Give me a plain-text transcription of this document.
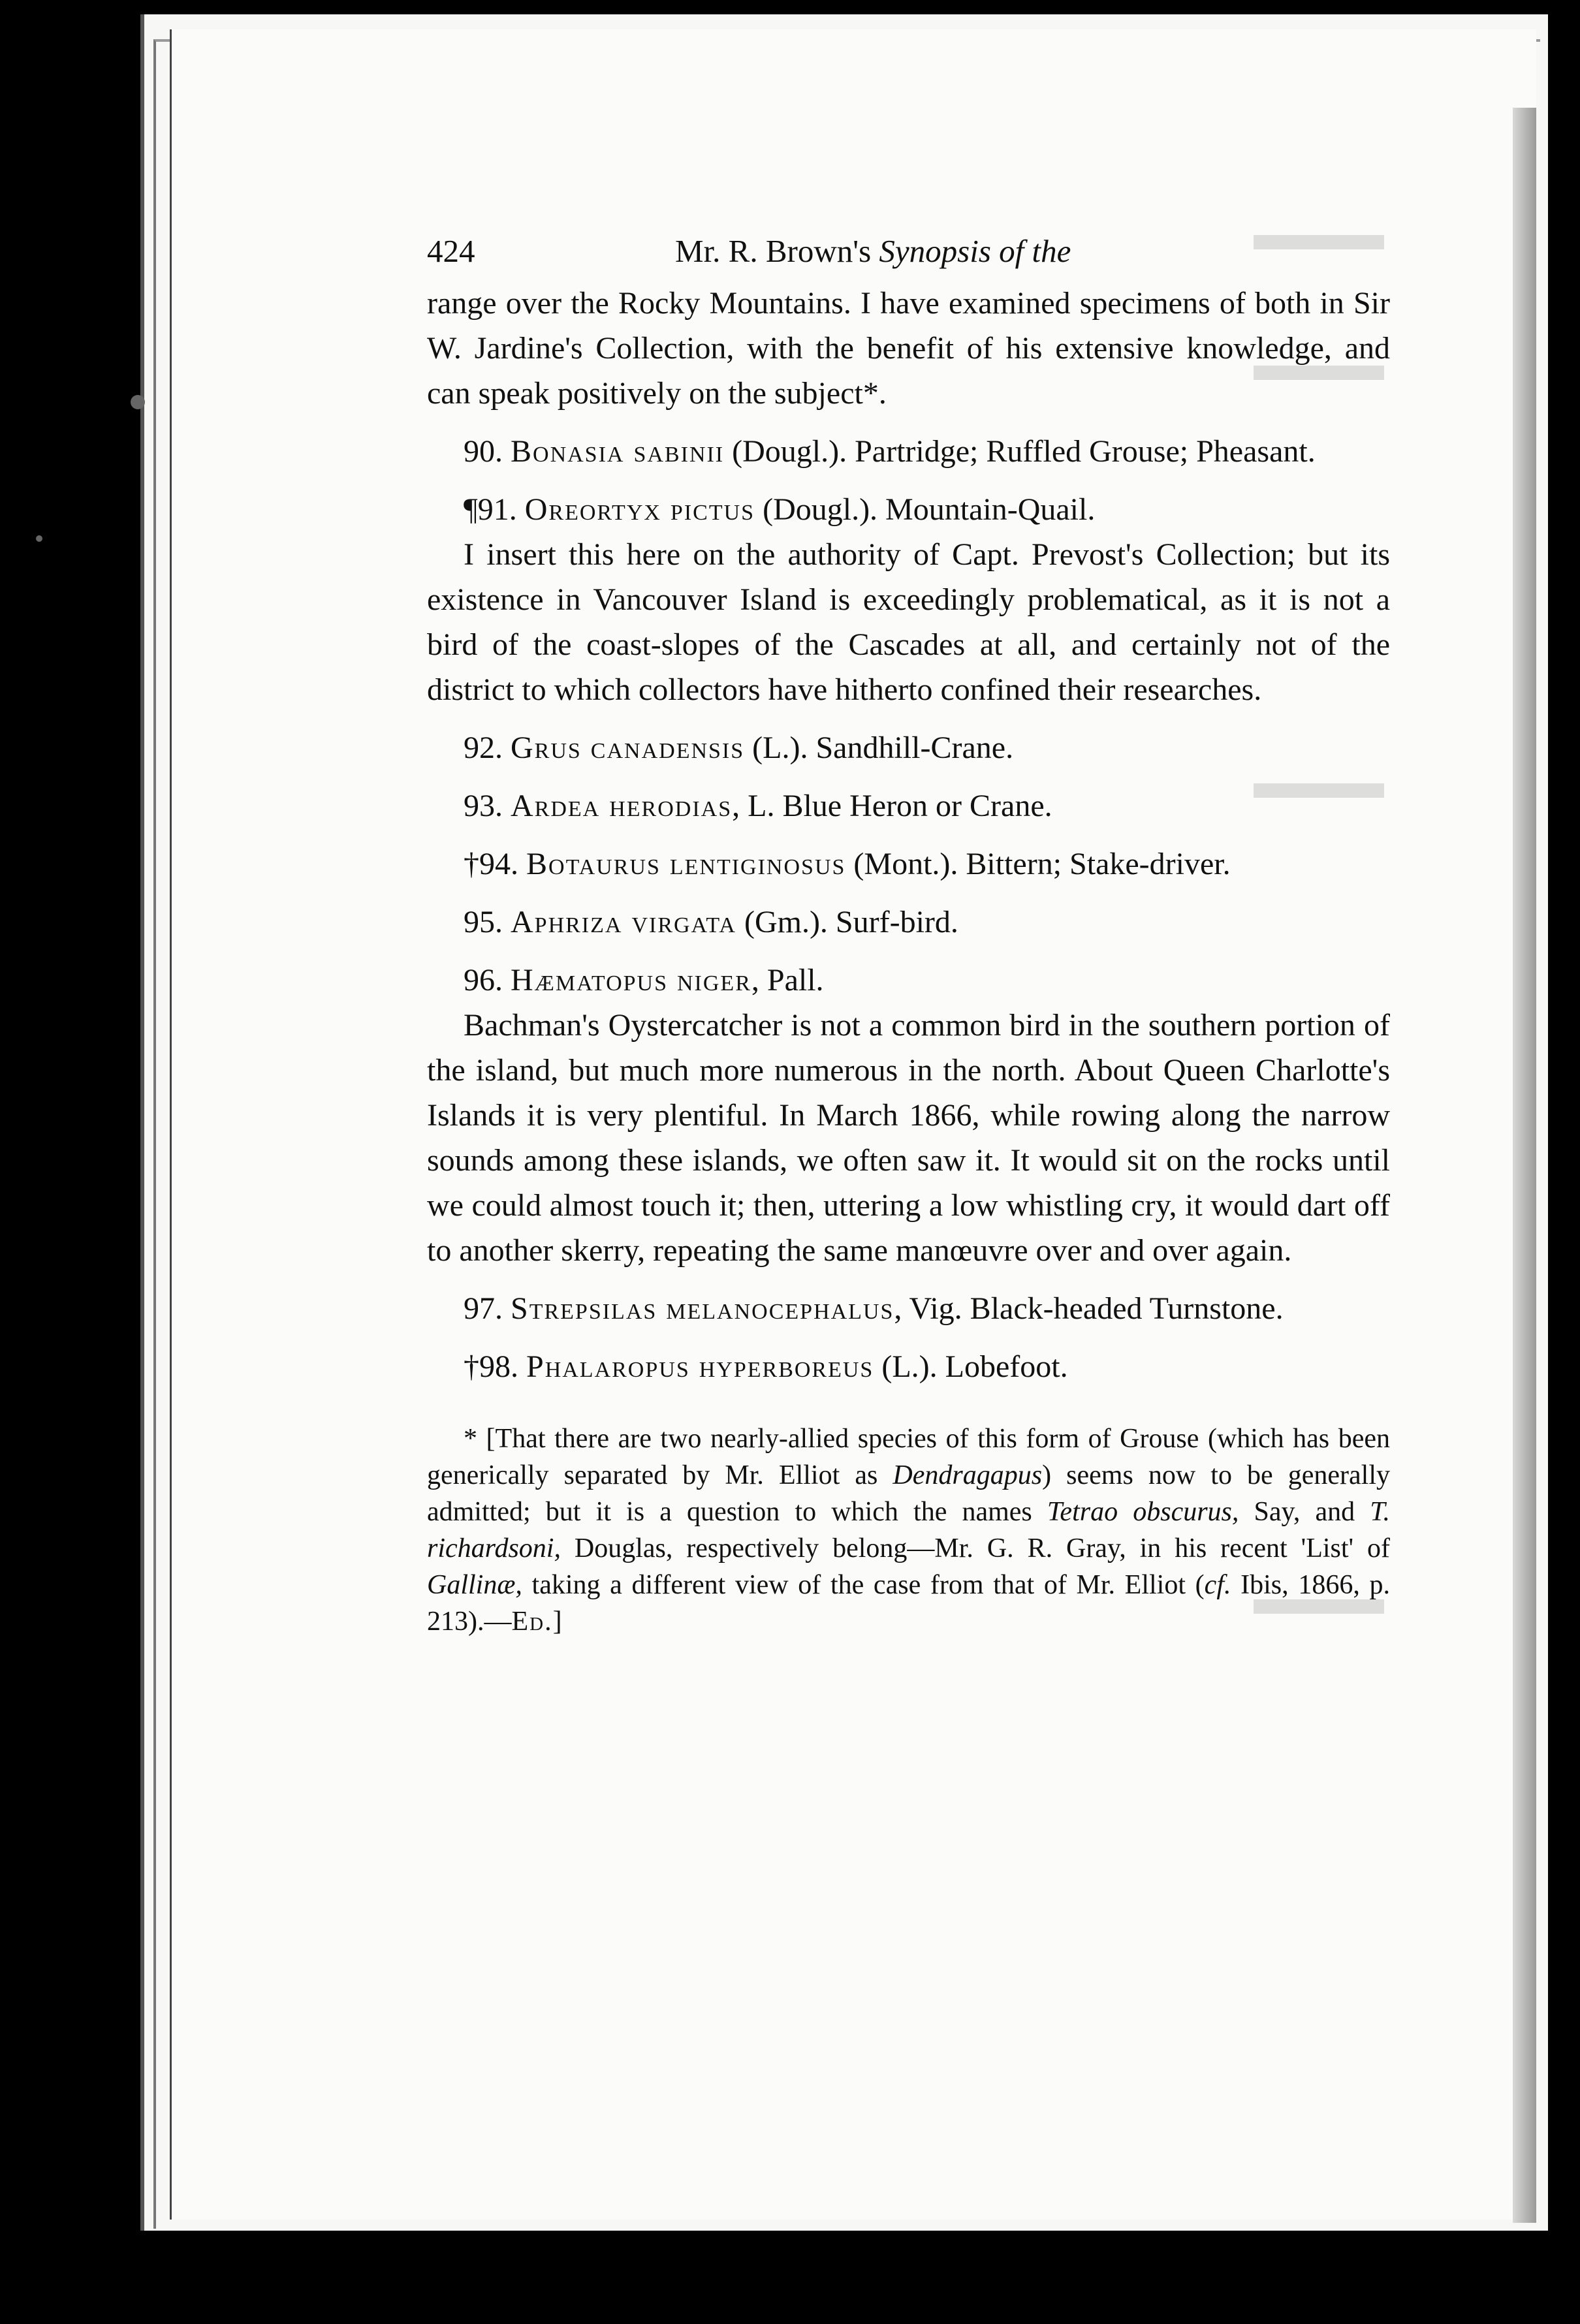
424	Mr. R. Brown's Synopsis of the

range over the Rocky Mountains. I have examined specimens of both in Sir W. Jardine's Collection, with the benefit of his extensive knowledge, and can speak positively on the subject*.

90. Bonasia sabinii (Dougl.). Partridge; Ruffled Grouse; Pheasant.

¶91. Oreortyx pictus (Dougl.). Mountain-Quail.

I insert this here on the authority of Capt. Prevost's Collection; but its existence in Vancouver Island is exceedingly problematical, as it is not a bird of the coast-slopes of the Cascades at all, and certainly not of the district to which collectors have hitherto confined their researches.

92. Grus canadensis (L.). Sandhill-Crane.

93. Ardea herodias, L. Blue Heron or Crane.

†94. Botaurus lentiginosus (Mont.). Bittern; Stake-driver.

95. Aphriza virgata (Gm.). Surf-bird.

96. Hæmatopus niger, Pall.

Bachman's Oystercatcher is not a common bird in the southern portion of the island, but much more numerous in the north. About Queen Charlotte's Islands it is very plentiful. In March 1866, while rowing along the narrow sounds among these islands, we often saw it. It would sit on the rocks until we could almost touch it; then, uttering a low whistling cry, it would dart off to another skerry, repeating the same manœuvre over and over again.

97. Strepsilas melanocephalus, Vig. Black-headed Turnstone.

†98. Phalaropus hyperboreus (L.). Lobefoot.

* [That there are two nearly-allied species of this form of Grouse (which has been generically separated by Mr. Elliot as Dendragapus) seems now to be generally admitted; but it is a question to which the names Tetrao obscurus, Say, and T. richardsoni, Douglas, respectively belong—Mr. G. R. Gray, in his recent 'List' of Gallinæ, taking a different view of the case from that of Mr. Elliot (cf. Ibis, 1866, p. 213).—Ed.]
